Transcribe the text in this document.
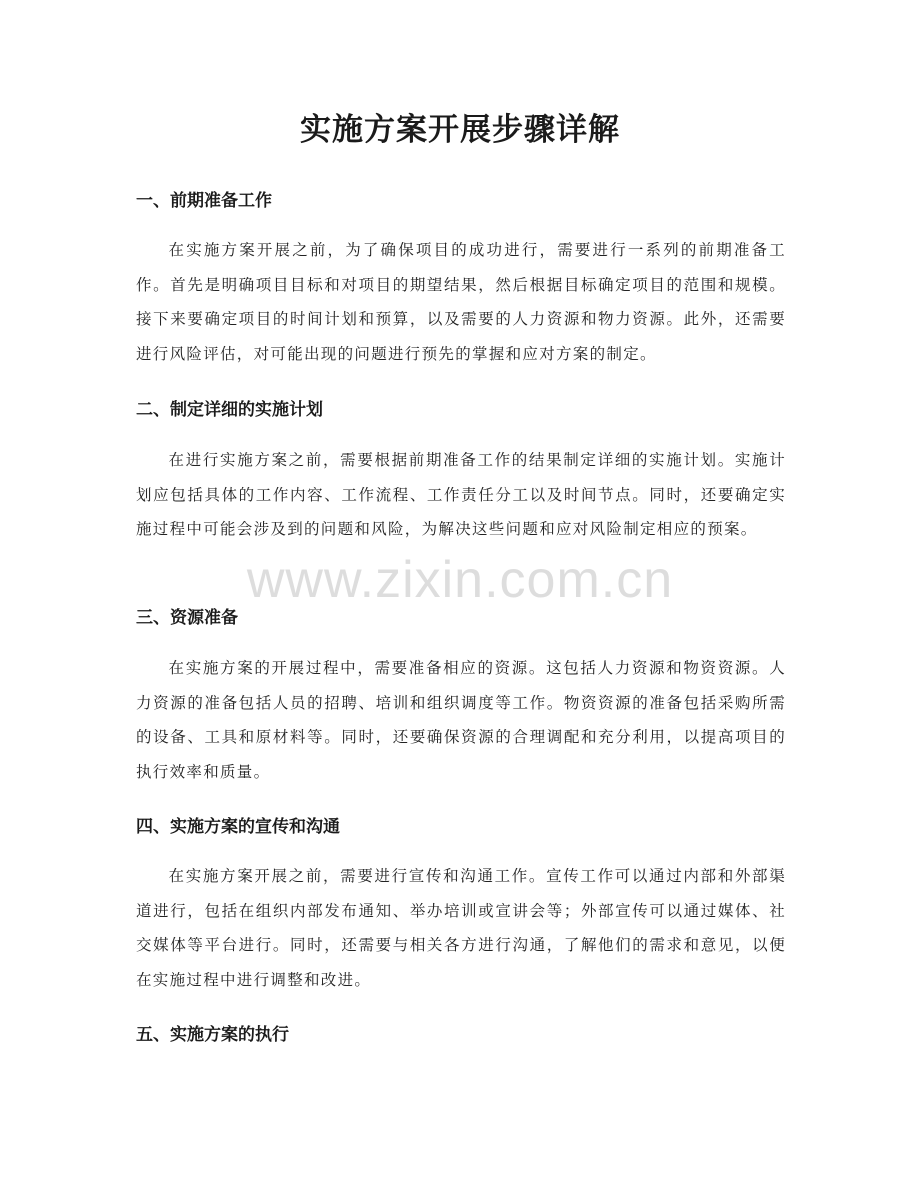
实施方案开展步骤详解
一、前期准备工作

在实施方案开展之前，为了确保项目的成功进行，需要进行一系列的前期准备工作。首先是明确项目目标和对项目的期望结果，然后根据目标确定项目的范围和规模。接下来要确定项目的时间计划和预算，以及需要的人力资源和物力资源。此外，还需要进行风险评估，对可能出现的问题进行预先的掌握和应对方案的制定。

二、制定详细的实施计划

在进行实施方案之前，需要根据前期准备工作的结果制定详细的实施计划。实施计划应包括具体的工作内容、工作流程、工作责任分工以及时间节点。同时，还要确定实施过程中可能会涉及到的问题和风险，为解决这些问题和应对风险制定相应的预案。

三、资源准备

在实施方案的开展过程中，需要准备相应的资源。这包括人力资源和物资资源。人力资源的准备包括人员的招聘、培训和组织调度等工作。物资资源的准备包括采购所需的设备、工具和原材料等。同时，还要确保资源的合理调配和充分利用，以提高项目的执行效率和质量。

四、实施方案的宣传和沟通

在实施方案开展之前，需要进行宣传和沟通工作。宣传工作可以通过内部和外部渠道进行，包括在组织内部发布通知、举办培训或宣讲会等；外部宣传可以通过媒体、社交媒体等平台进行。同时，还需要与相关各方进行沟通，了解他们的需求和意见，以便在实施过程中进行调整和改进。

五、实施方案的执行
www.zixin.com.cn
